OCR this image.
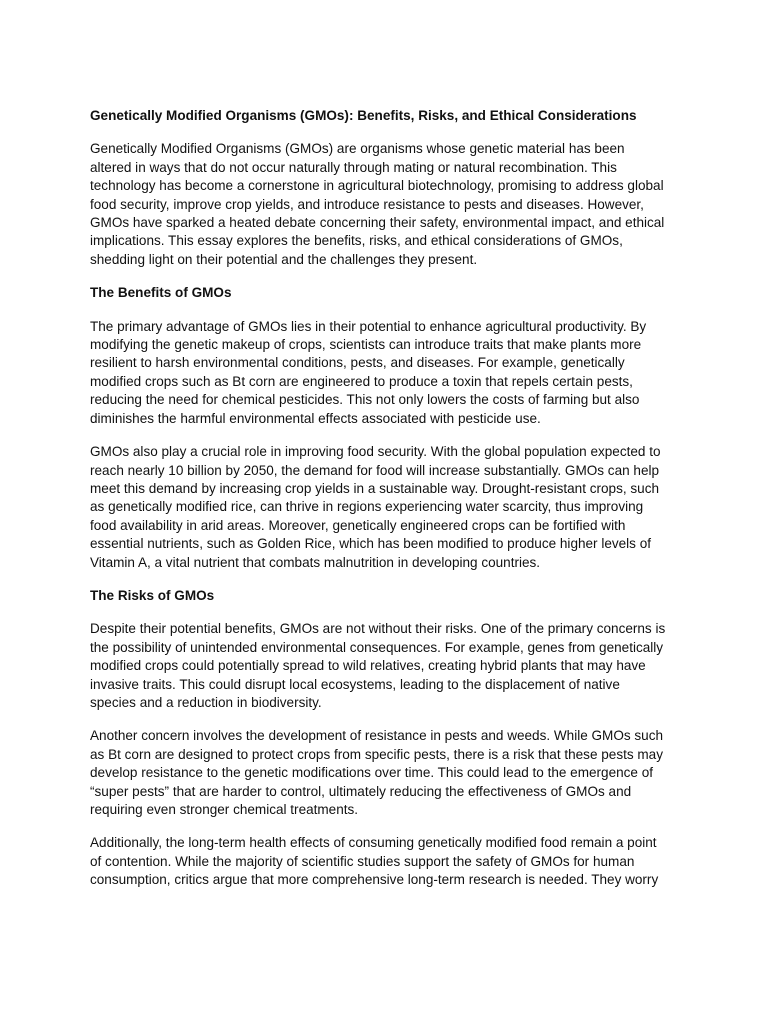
Genetically Modified Organisms (GMOs): Benefits, Risks, and Ethical Considerations
Genetically Modified Organisms (GMOs) are organisms whose genetic material has been
altered in ways that do not occur naturally through mating or natural recombination. This
technology has become a cornerstone in agricultural biotechnology, promising to address global
food security, improve crop yields, and introduce resistance to pests and diseases. However,
GMOs have sparked a heated debate concerning their safety, environmental impact, and ethical
implications. This essay explores the benefits, risks, and ethical considerations of GMOs,
shedding light on their potential and the challenges they present.
The Benefits of GMOs
The primary advantage of GMOs lies in their potential to enhance agricultural productivity. By
modifying the genetic makeup of crops, scientists can introduce traits that make plants more
resilient to harsh environmental conditions, pests, and diseases. For example, genetically
modified crops such as Bt corn are engineered to produce a toxin that repels certain pests,
reducing the need for chemical pesticides. This not only lowers the costs of farming but also
diminishes the harmful environmental effects associated with pesticide use.
GMOs also play a crucial role in improving food security. With the global population expected to
reach nearly 10 billion by 2050, the demand for food will increase substantially. GMOs can help
meet this demand by increasing crop yields in a sustainable way. Drought-resistant crops, such
as genetically modified rice, can thrive in regions experiencing water scarcity, thus improving
food availability in arid areas. Moreover, genetically engineered crops can be fortified with
essential nutrients, such as Golden Rice, which has been modified to produce higher levels of
Vitamin A, a vital nutrient that combats malnutrition in developing countries.
The Risks of GMOs
Despite their potential benefits, GMOs are not without their risks. One of the primary concerns is
the possibility of unintended environmental consequences. For example, genes from genetically
modified crops could potentially spread to wild relatives, creating hybrid plants that may have
invasive traits. This could disrupt local ecosystems, leading to the displacement of native
species and a reduction in biodiversity.
Another concern involves the development of resistance in pests and weeds. While GMOs such
as Bt corn are designed to protect crops from specific pests, there is a risk that these pests may
develop resistance to the genetic modifications over time. This could lead to the emergence of
“super pests” that are harder to control, ultimately reducing the effectiveness of GMOs and
requiring even stronger chemical treatments.
Additionally, the long-term health effects of consuming genetically modified food remain a point
of contention. While the majority of scientific studies support the safety of GMOs for human
consumption, critics argue that more comprehensive long-term research is needed. They worry
